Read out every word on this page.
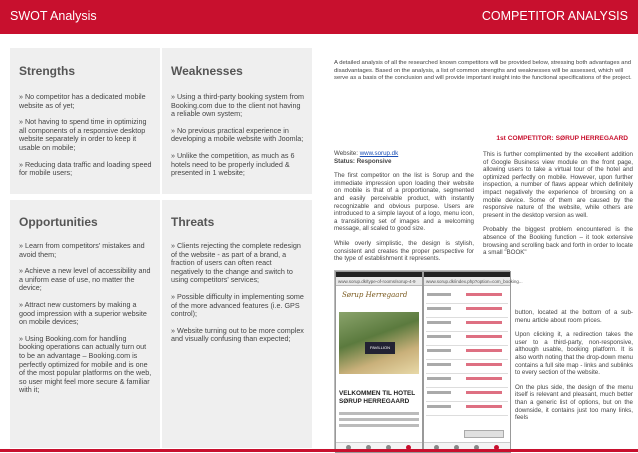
SWOT Analysis	COMPETITOR ANALYSIS
Strengths

» No competitor has a dedicated mobile website as of yet;

» Not having to spend time in optimizing all components of a responsive desktop website separately in order to keep it usable on mobile;

» Reducing data traffic and loading speed for mobile users;

Weaknesses

» Using a third-party booking system from Booking.com due to the client not having a reliable own system;

» No previous practical experience in developing a mobile website with Joomla;

» Unlike the competition, as much as 6 hotels need to be properly included & presented in 1 website;

Opportunities

» Learn from competitors' mistakes and avoid them;

» Achieve a new level of accessibility and a uniform ease of use, no matter the device;

» Attract new customers by making a good impression with a superior website on mobile devices;

» Using Booking.com for handling booking operations can actually turn out to be an advantage – Booking.com is perfectly optimized for mobile and is one of the most popular platforms on the web, so user might feel more secure & familiar with it;

Threats

» Clients rejecting the complete redesign of the website - as part of a brand, a fraction of users can often react negatively to the change and switch to using competitors' services;

» Possible difficulty in implementing some of the more advanced features (i.e. GPS control);

» Website turning out to be more complex and visually confusing than expected;

A detailed analysis of all the researched known competitors will be provided below, stressing both advantages and disadvantages. Based on the analysis, a list of common strengths and weaknesses will be assessed, which will serve as a basis of the conclusion and will provide important insight into the functional specifications of the project.
1st COMPETITOR: SØRUP HERREGAARD

Website: www.sorup.dk
Status: Responsive

The first competitor on the list is Sorup and the immediate impression upon loading their website on mobile is that of a proportionate, segmented and easily perceivable product, with instantly recognizable and obvious purpose. Users are introduced to a simple layout of a logo, menu icon, a transitioning set of images and a welcoming message, all scaled to good size.

While overly simplistic, the design is stylish, consistent and creates the proper perspective for the type of establishment it represents.

This is further complimented by the excellent addition of Google Business view module on the front page, allowing users to take a virtual tour of the hotel and optimized perfectly on mobile. However, upon further inspection, a number of flaws appear which definitely impact negatively the experience of browsing on a mobile device. Some of them are caused by the responsive nature of the website, while others are present in the desktop version as well.

Probably the biggest problem encountered is the absence of the Booking function – it took extensive browsing and scrolling back and forth in order to locate a small "BOOK"

button, located at the bottom of a sub-menu article about room prices.

Upon clicking it, a redirection takes the user to a third-party, non-responsive, although usable, booking platform. It is also worth noting that the drop-down menu contains a full site map - links and sublinks to every section of the website.

On the plus side, the design of the menu itself is relevant and pleasant, much better than a generic list of options, but on the downside, it contains just too many links, feels

www.sorup.dk/type-of-rooms/sorup-4-9
Sørup Herregaard
PAVILLION
VELKOMMEN TIL HOTEL SØRUP HERREGAARD
www.sorup.dk/index.php?option=com_booking...
